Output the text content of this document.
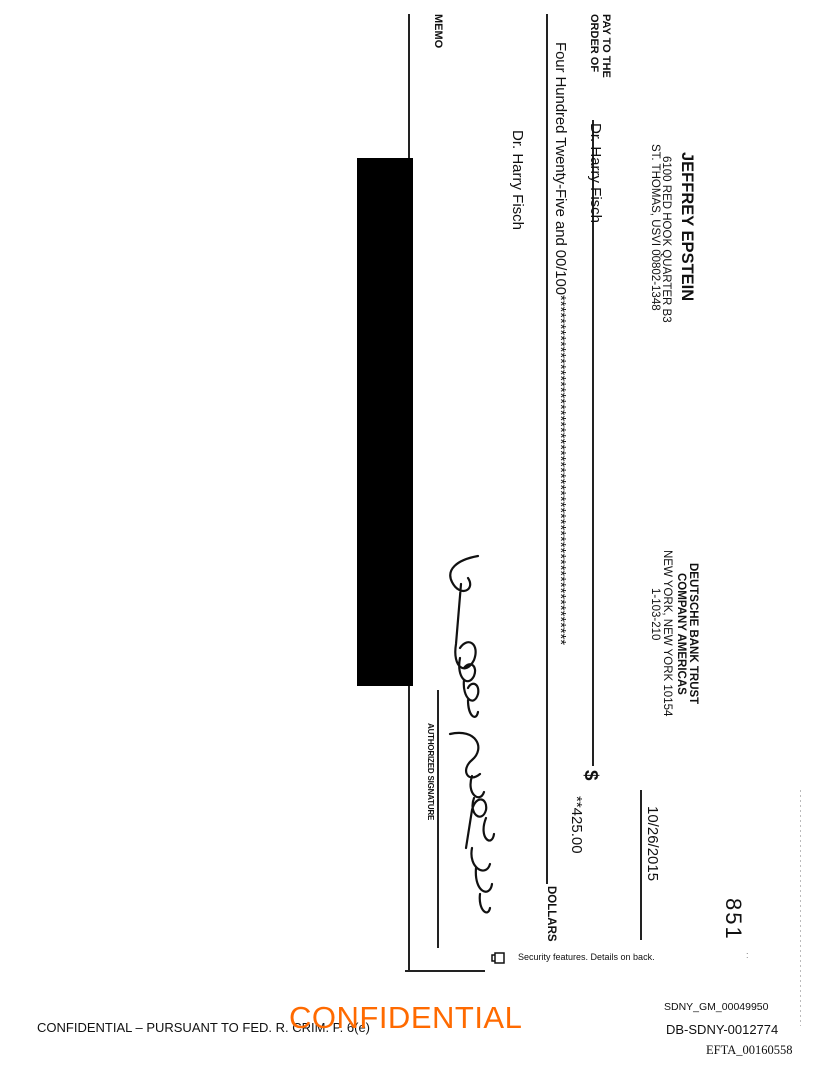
JEFFREY EPSTEIN
6100 RED HOOK QUARTER B3
ST. THOMAS, USVI 00802-1348
DEUTSCHE BANK TRUST
COMPANY AMERICAS
NEW YORK, NEW YORK 10154
1-103-210
851
10/26/2015
:
PAY TO THE
ORDER OF
Dr. Harry Fisch
$
**425.00
Four Hundred Twenty-Five and 00/100*************************************************************
DOLLARS
Dr. Harry Fisch
MEMO
AUTHORIZED SIGNATURE
Security features. Details on back.
CONFIDENTIAL – PURSUANT TO FED. R. CRIM. P. 6(e)
CONFIDENTIAL	SDNY_GM_00049950
DB-SDNY-0012774
EFTA_00160558
